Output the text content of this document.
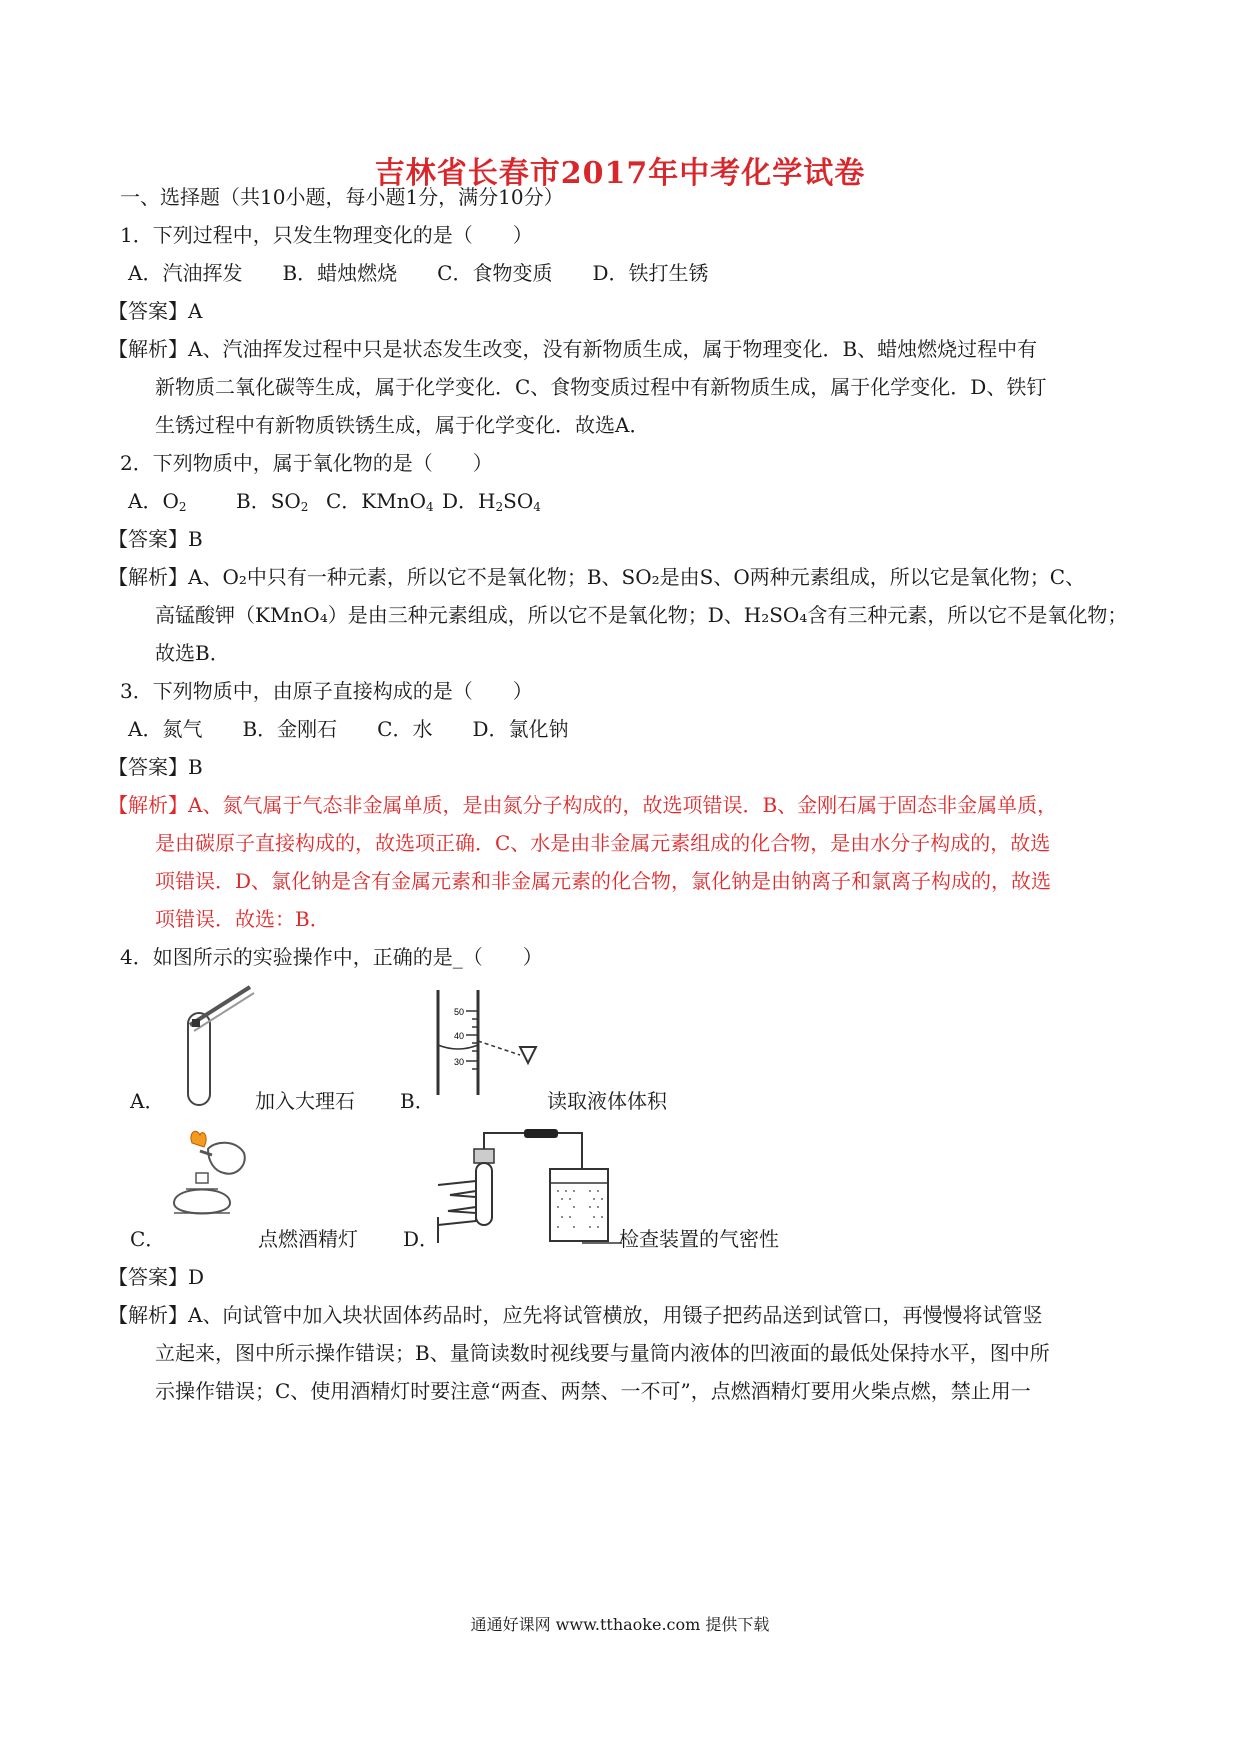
吉林省长春市2017年中考化学试卷
一、选择题（共10小题，每小题1分，满分10分）
1．下列过程中，只发生物理变化的是（　　）
A．汽油挥发　　B．蜡烛燃烧　　C．食物变质　　D．铁打生锈
【答案】A
【解析】A、汽油挥发过程中只是状态发生改变，没有新物质生成，属于物理变化．B、蜡烛燃烧过程中有
新物质二氧化碳等生成，属于化学变化．C、食物变质过程中有新物质生成，属于化学变化．D、铁钉
生锈过程中有新物质铁锈生成，属于化学变化．故选A．
2．下列物质中，属于氧化物的是（　　）
A．$O_2$ B．$SO_2$ C．KMnO$_4$ D．$H_2SO_4$
【答案】B
【解析】A、O₂中只有一种元素，所以它不是氧化物；B、SO₂是由S、O两种元素组成，所以它是氧化物；C、
高锰酸钾（KMnO₄）是由三种元素组成，所以它不是氧化物；D、H₂SO₄含有三种元素，所以它不是氧化物；
故选B．
3．下列物质中，由原子直接构成的是（　　）
A．氮气　　B．金刚石　　C．水　　D．氯化钠
【答案】B
【解析】A、氮气属于气态非金属单质，是由氮分子构成的，故选项错误．B、金刚石属于固态非金属单质，
是由碳原子直接构成的，故选项正确．C、水是由非金属元素组成的化合物，是由水分子构成的，故选
项错误．D、氯化钠是含有金属元素和非金属元素的化合物，氯化钠是由钠离子和氯离子构成的，故选
项错误．故选：B．
4．如图所示的实验操作中，正确的是_（　　）
A．	加入大理石
50
40
30
B．	读取液体体积
C．	点燃酒精灯 D．	检查装置的气密性
【答案】D
【解析】A、向试管中加入块状固体药品时，应先将试管横放，用镊子把药品送到试管口，再慢慢将试管竖
立起来，图中所示操作错误；B、量筒读数时视线要与量筒内液体的凹液面的最低处保持水平，图中所
示操作错误；C、使用酒精灯时要注意“两查、两禁、一不可”，点燃酒精灯要用火柴点燃，禁止用一
通通好课网 www.tthaoke.com 提供下载
